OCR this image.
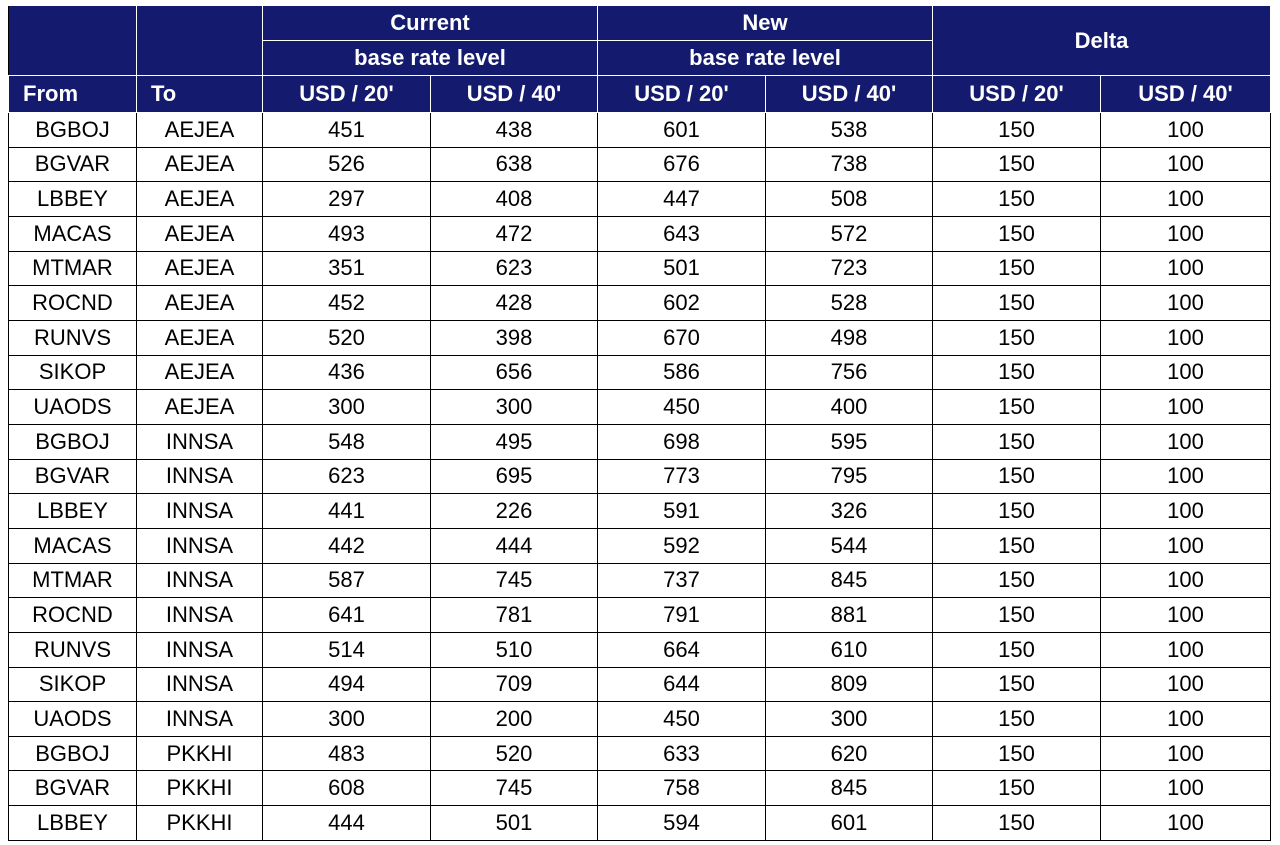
		Current		New		Delta	
		base rate level		base rate level			
From	To	USD / 20'	USD / 40'	USD / 20'	USD / 40'	USD / 20'	USD / 40'
BGBOJ	AEJEA	451	438	601	538	150	100
BGVAR	AEJEA	526	638	676	738	150	100
LBBEY	AEJEA	297	408	447	508	150	100
MACAS	AEJEA	493	472	643	572	150	100
MTMAR	AEJEA	351	623	501	723	150	100
ROCND	AEJEA	452	428	602	528	150	100
RUNVS	AEJEA	520	398	670	498	150	100
SIKOP	AEJEA	436	656	586	756	150	100
UAODS	AEJEA	300	300	450	400	150	100
BGBOJ	INNSA	548	495	698	595	150	100
BGVAR	INNSA	623	695	773	795	150	100
LBBEY	INNSA	441	226	591	326	150	100
MACAS	INNSA	442	444	592	544	150	100
MTMAR	INNSA	587	745	737	845	150	100
ROCND	INNSA	641	781	791	881	150	100
RUNVS	INNSA	514	510	664	610	150	100
SIKOP	INNSA	494	709	644	809	150	100
UAODS	INNSA	300	200	450	300	150	100
BGBOJ	PKKHI	483	520	633	620	150	100
BGVAR	PKKHI	608	745	758	845	150	100
LBBEY	PKKHI	444	501	594	601	150	100
